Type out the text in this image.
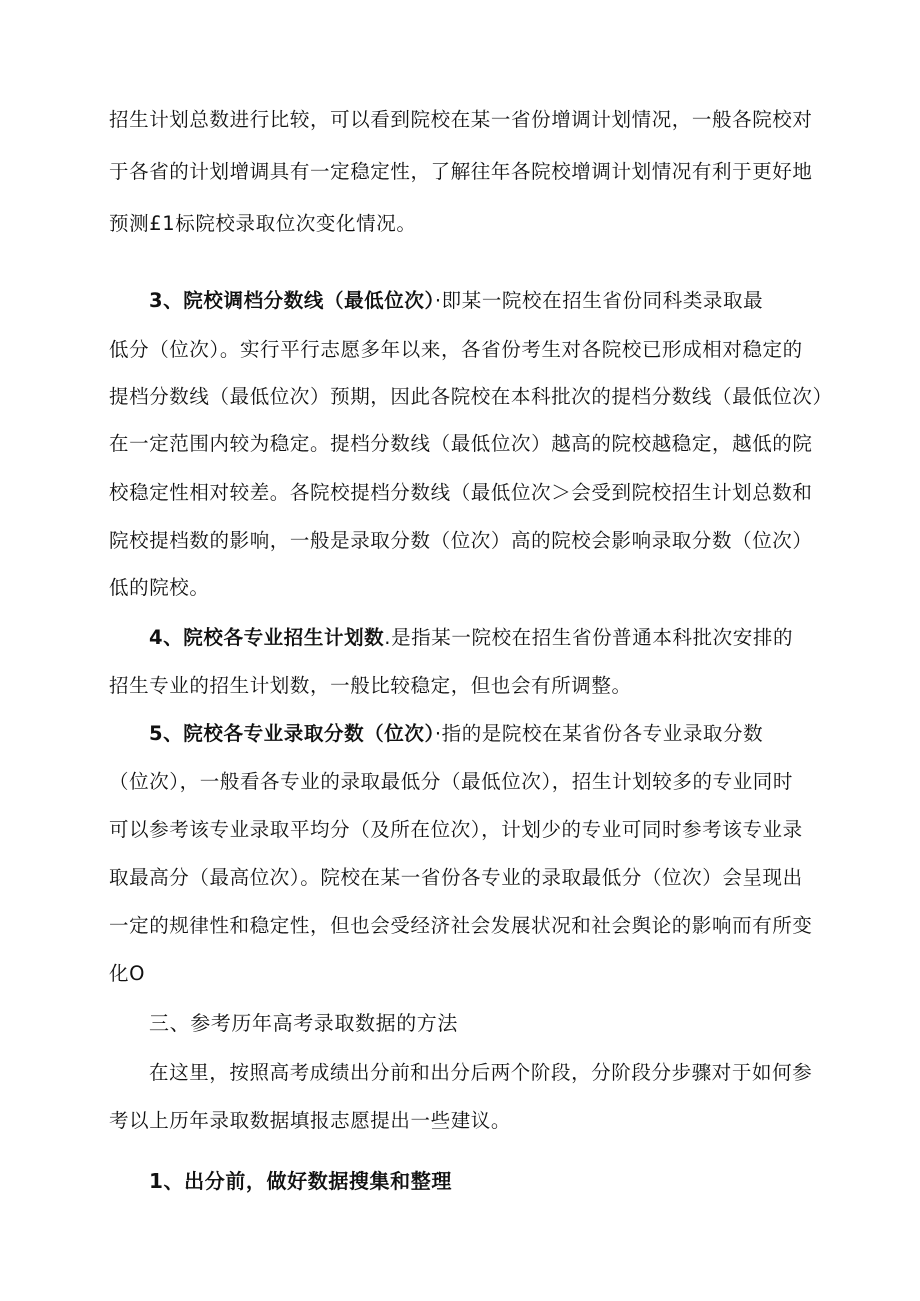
招生计划总数进行比较，可以看到院校在某一省份增调计划情况，一般各院校对
于各省的计划增调具有一定稳定性，了解往年各院校增调计划情况有利于更好地
预测£1标院校录取位次变化情况。
3、院校调档分数线（最低位次）·即某一院校在招生省份同科类录取最
低分（位次）。实行平行志愿多年以来，各省份考生对各院校已形成相对稳定的
提档分数线（最低位次）预期，因此各院校在本科批次的提档分数线（最低位次）
在一定范围内较为稳定。提档分数线（最低位次）越高的院校越稳定，越低的院
校稳定性相对较差。各院校提档分数线（最低位次＞会受到院校招生计划总数和
院校提档数的影响，一般是录取分数（位次）高的院校会影响录取分数（位次）
低的院校。
4、院校各专业招生计划数.是指某一院校在招生省份普通本科批次安排的
招生专业的招生计划数，一般比较稳定，但也会有所调整。
5、院校各专业录取分数（位次）·指的是院校在某省份各专业录取分数
（位次），一般看各专业的录取最低分（最低位次），招生计划较多的专业同时
可以参考该专业录取平均分（及所在位次），计划少的专业可同时参考该专业录
取最高分（最高位次）。院校在某一省份各专业的录取最低分（位次）会呈现出
一定的规律性和稳定性，但也会受经济社会发展状况和社会舆论的影响而有所变
化O
三、参考历年高考录取数据的方法
在这里，按照高考成绩出分前和出分后两个阶段，分阶段分步骤对于如何参
考以上历年录取数据填报志愿提出一些建议。
1、出分前，做好数据搜集和整理
